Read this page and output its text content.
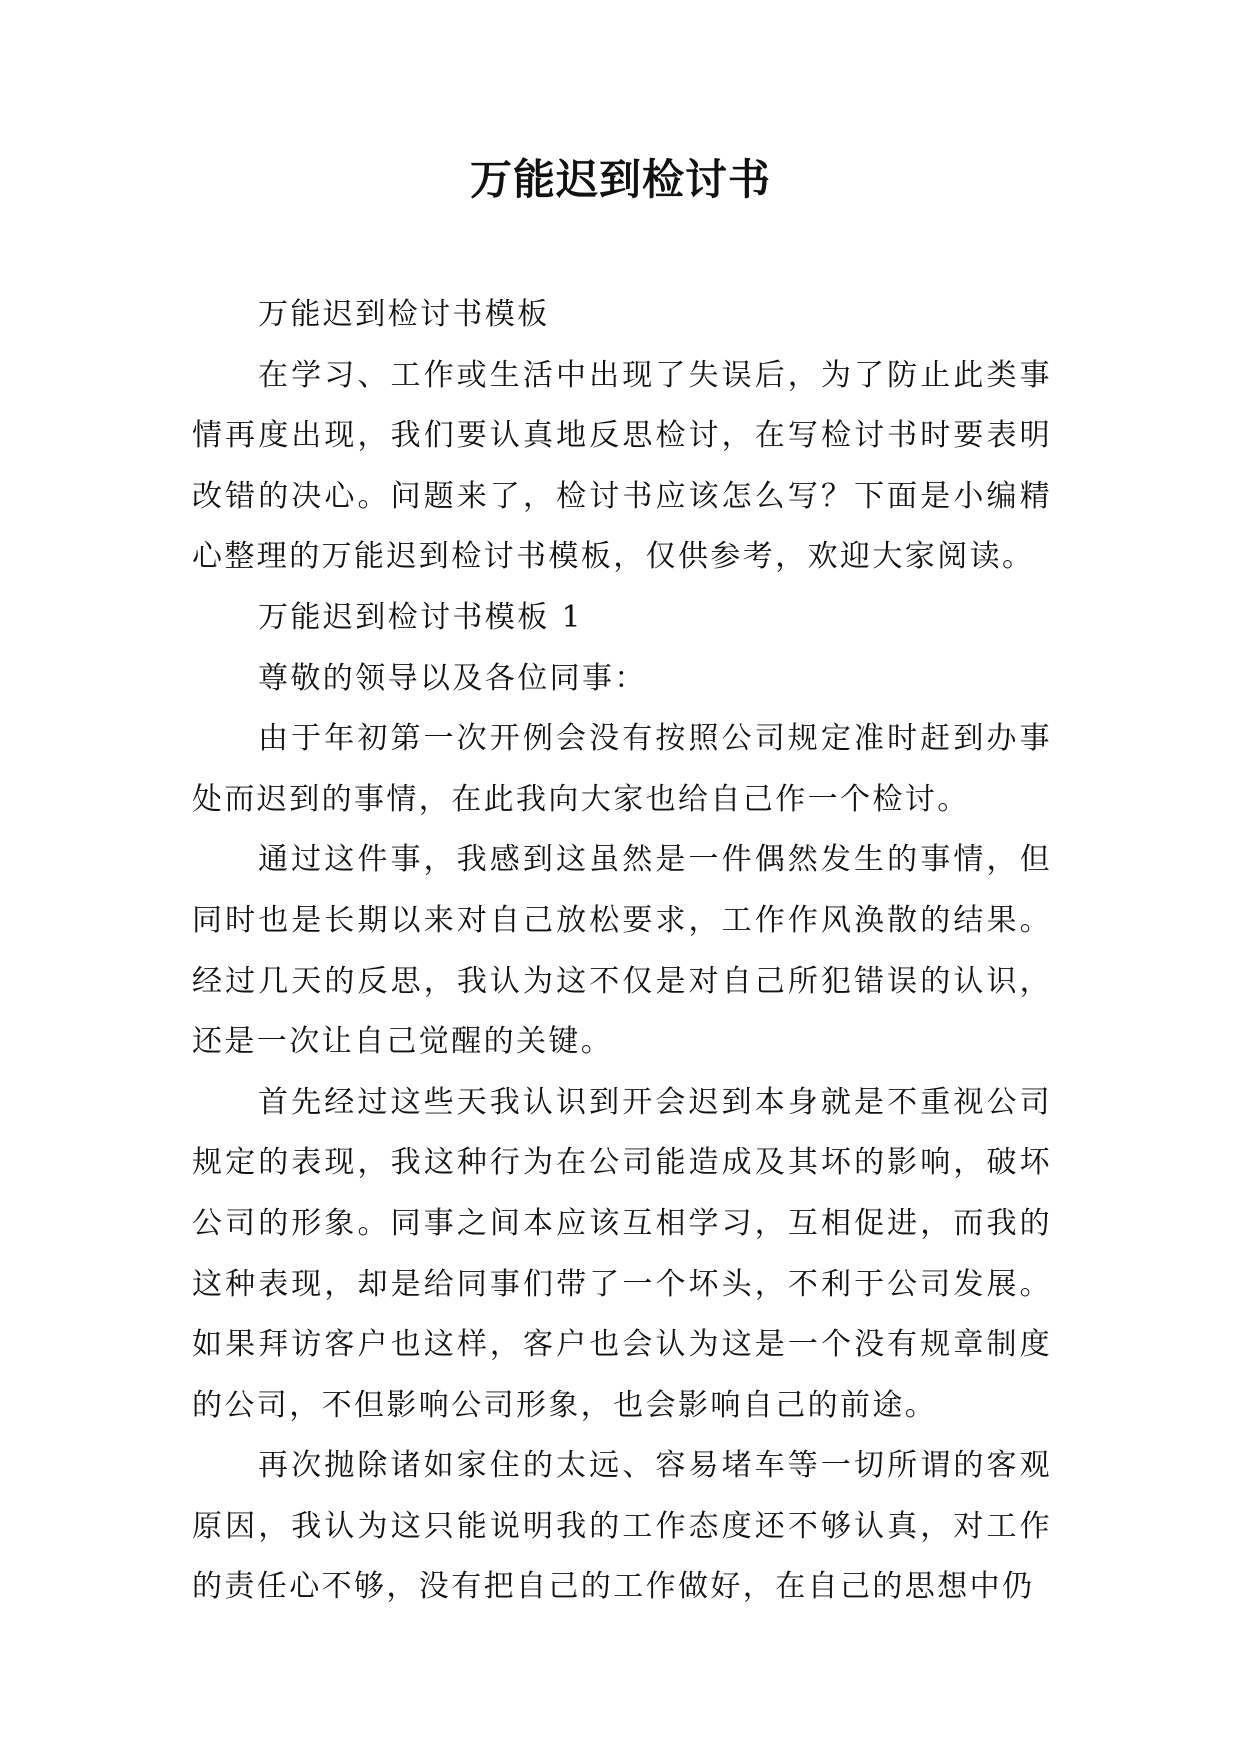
万能迟到检讨书

万能迟到检讨书模板

在学习、工作或生活中出现了失误后，为了防止此类事情再度出现，我们要认真地反思检讨，在写检讨书时要表明改错的决心。问题来了，检讨书应该怎么写？下面是小编精心整理的万能迟到检讨书模板，仅供参考，欢迎大家阅读。

万能迟到检讨书模板 1

尊敬的领导以及各位同事：

由于年初第一次开例会没有按照公司规定准时赶到办事处而迟到的事情，在此我向大家也给自己作一个检讨。

通过这件事，我感到这虽然是一件偶然发生的事情，但同时也是长期以来对自己放松要求，工作作风涣散的结果。经过几天的反思，我认为这不仅是对自己所犯错误的认识，还是一次让自己觉醒的关键。

首先经过这些天我认识到开会迟到本身就是不重视公司规定的表现，我这种行为在公司能造成及其坏的影响，破坏公司的形象。同事之间本应该互相学习，互相促进，而我的这种表现，却是给同事们带了一个坏头，不利于公司发展。如果拜访客户也这样，客户也会认为这是一个没有规章制度的公司，不但影响公司形象，也会影响自己的前途。

再次抛除诸如家住的太远、容易堵车等一切所谓的客观原因，我认为这只能说明我的工作态度还不够认真，对工作的责任心不够，没有把自己的工作做好，在自己的思想中仍
